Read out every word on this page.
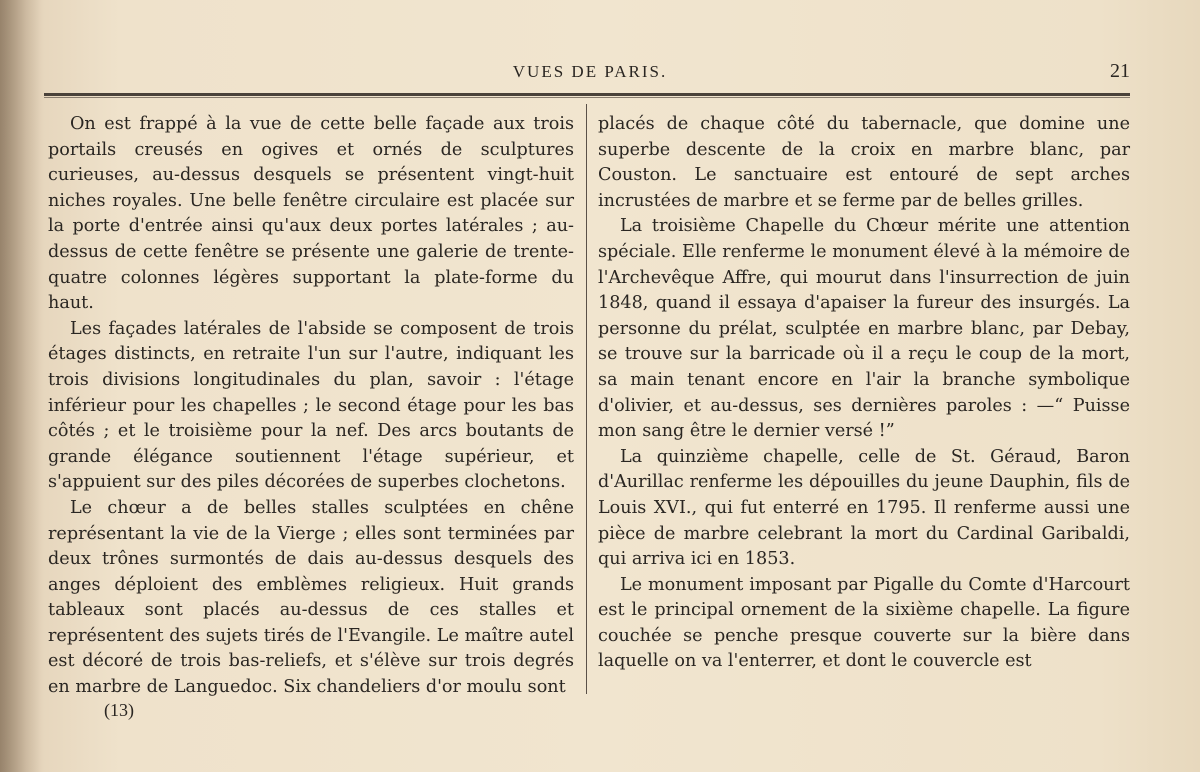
VUES DE PARIS.	21

On est frappé à la vue de cette belle façade aux trois portails creusés en ogives et ornés de sculptures curieuses, au-dessus desquels se présentent vingt-huit niches royales. Une belle fenêtre circulaire est placée sur la porte d'entrée ainsi qu'aux deux portes latérales ; au-dessus de cette fenêtre se présente une galerie de trente-quatre colonnes légères supportant la plate-forme du haut.

Les façades latérales de l'abside se composent de trois étages distincts, en retraite l'un sur l'autre, indiquant les trois divisions longitudinales du plan, savoir : l'étage inférieur pour les chapelles ; le second étage pour les bas côtés ; et le troisième pour la nef. Des arcs boutants de grande élégance soutiennent l'étage supérieur, et s'appuient sur des piles décorées de superbes clochetons.

Le chœur a de belles stalles sculptées en chêne représentant la vie de la Vierge ; elles sont terminées par deux trônes surmontés de dais au-dessus desquels des anges déploient des emblèmes religieux. Huit grands tableaux sont placés au-dessus de ces stalles et représentent des sujets tirés de l'Evangile. Le maître autel est décoré de trois bas-reliefs, et s'élève sur trois degrés en marbre de Languedoc. Six chandeliers d'or moulu sont

placés de chaque côté du tabernacle, que domine une superbe descente de la croix en marbre blanc, par Couston. Le sanctuaire est entouré de sept arches incrustées de marbre et se ferme par de belles grilles.

La troisième Chapelle du Chœur mérite une attention spéciale. Elle renferme le monument élevé à la mémoire de l'Archevêque Affre, qui mourut dans l'insurrection de juin 1848, quand il essaya d'apaiser la fureur des insurgés. La personne du prélat, sculptée en marbre blanc, par Debay, se trouve sur la barricade où il a reçu le coup de la mort, sa main tenant encore en l'air la branche symbolique d'olivier, et au-dessus, ses dernières paroles : —“ Puisse mon sang être le dernier versé !”

La quinzième chapelle, celle de St. Géraud, Baron d'Aurillac renferme les dépouilles du jeune Dauphin, fils de Louis XVI., qui fut enterré en 1795. Il renferme aussi une pièce de marbre celebrant la mort du Cardinal Garibaldi, qui arriva ici en 1853.

Le monument imposant par Pigalle du Comte d'Harcourt est le principal ornement de la sixième chapelle. La figure couchée se penche presque couverte sur la bière dans laquelle on va l'enterrer, et dont le couvercle est

(13)
